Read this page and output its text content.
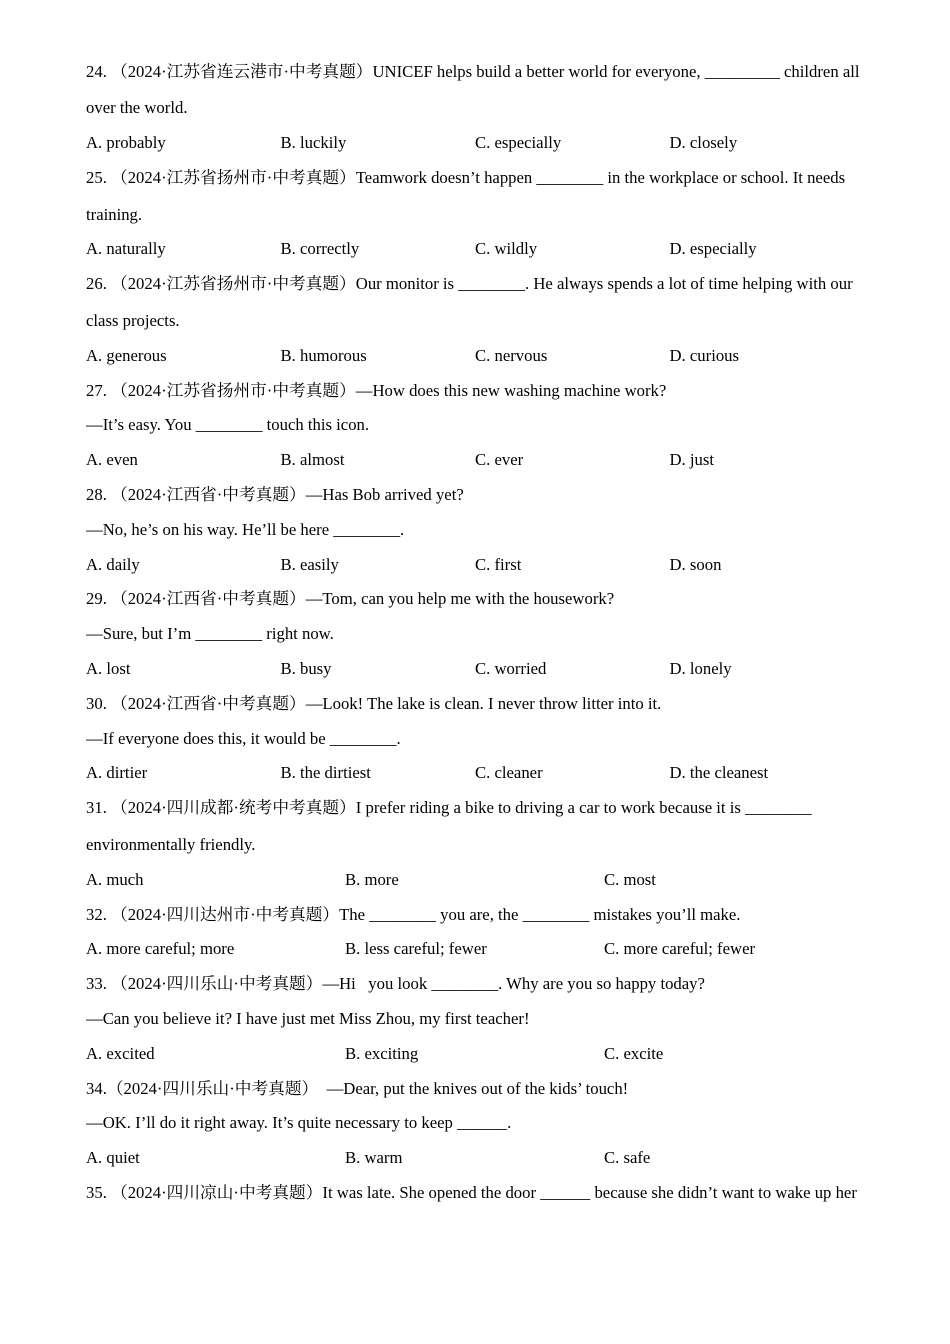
24. （2024·江苏省连云港市·中考真题）UNICEF helps build a better world for everyone, _________ children all
over the world.
A. probably	B. luckily	C. especially	D. closely
25. （2024·江苏省扬州市·中考真题）Teamwork doesn’t happen ________ in the workplace or school. It needs
training.
A. naturally	B. correctly	C. wildly	D. especially
26. （2024·江苏省扬州市·中考真题）Our monitor is ________. He always spends a lot of time helping with our
class projects.
A. generous	B. humorous	C. nervous	D. curious
27. （2024·江苏省扬州市·中考真题）—How does this new washing machine work?
—It’s easy. You ________ touch this icon.
A. even	B. almost	C. ever	D. just
28. （2024·江西省·中考真题）—Has Bob arrived yet?
—No, he’s on his way. He’ll be here ________.
A. daily	B. easily	C. first	D. soon
29. （2024·江西省·中考真题）—Tom, can you help me with the housework?
—Sure, but I’m ________ right now.
A. lost	B. busy	C. worried	D. lonely
30. （2024·江西省·中考真题）—Look! The lake is clean. I never throw litter into it.
—If everyone does this, it would be ________.
A. dirtier	B. the dirtiest	C. cleaner	D. the cleanest
31. （2024·四川成都·统考中考真题）I prefer riding a bike to driving a car to work because it is ________
environmentally friendly.
A. much	B. more	C. most
32. （2024·四川达州市·中考真题）The ________ you are, the ________ mistakes you’ll make.
A. more careful; more	B. less careful; fewer	C. more careful; fewer
33. （2024·四川乐山·中考真题）—Hi   you look ________. Why are you so happy today?
—Can you believe it? I have just met Miss Zhou, my first teacher!
A. excited	B. exciting	C. excite
34.（2024·四川乐山·中考真题）  —Dear, put the knives out of the kids’ touch!
—OK. I’ll do it right away. It’s quite necessary to keep ______.
A. quiet	B. warm	C. safe
35. （2024·四川凉山·中考真题）It was late. She opened the door ______ because she didn’t want to wake up her
